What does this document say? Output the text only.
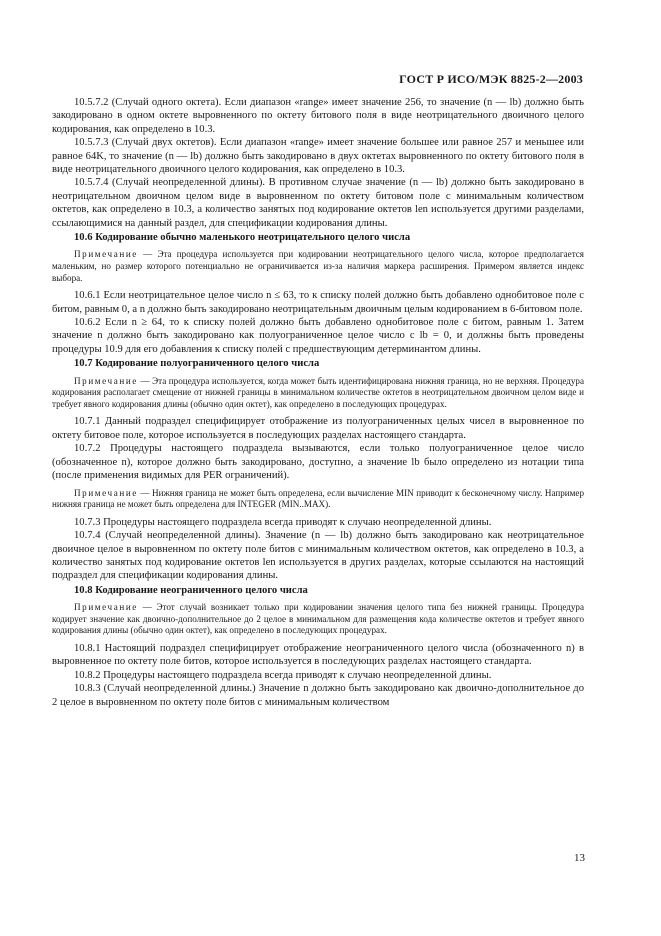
ГОСТ Р ИСО/МЭК 8825-2—2003

10.5.7.2 (Случай одного октета). Если диапазон «range» имеет значение 256, то значение (n — lb) должно быть закодировано в одном октете выровненного по октету битового поля в виде неотрицательного двоичного целого кодирования, как определено в 10.3.

10.5.7.3 (Случай двух октетов). Если диапазон «range» имеет значение большее или равное 257 и меньшее или равное 64K, то значение (n — lb) должно быть закодировано в двух октетах выровненного по октету битового поля в виде неотрицательного двоичного целого кодирования, как определено в 10.3.

10.5.7.4 (Случай неопределенной длины). В противном случае значение (n — lb) должно быть закодировано в неотрицательном двоичном целом виде в выровненном по октету битовом поле с минимальным количеством октетов, как определено в 10.3, а количество занятых под кодирование октетов len используется другими разделами, ссылающимися на данный раздел, для спецификации кодирования длины.

10.6 Кодирование обычно маленького неотрицательного целого числа

Примечание — Эта процедура используется при кодировании неотрицательного целого числа, которое предполагается маленьким, но размер которого потенциально не ограничивается из-за наличия маркера расширения. Примером является индекс выбора.

10.6.1 Если неотрицательное целое число n ≤ 63, то к списку полей должно быть добавлено однобитовое поле с битом, равным 0, а n должно быть закодировано неотрицательным двоичным целым кодированием в 6-битовом поле.

10.6.2 Если n ≥ 64, то к списку полей должно быть добавлено однобитовое поле с битом, равным 1. Затем значение n должно быть закодировано как полуограниченное целое число с lb = 0, и должны быть проведены процедуры 10.9 для его добавления к списку полей с предшествующим детерминантом длины.

10.7 Кодирование полуограниченного целого числа

Примечание — Эта процедура используется, когда может быть идентифицирована нижняя граница, но не верхняя. Процедура кодирования располагает смещение от нижней границы в минимальном количестве октетов в неотрицательном двоичном целом виде и требует явного кодирования длины (обычно один октет), как определено в последующих процедурах.

10.7.1 Данный подраздел специфицирует отображение из полуограниченных целых чисел в выровненное по октету битовое поле, которое используется в последующих разделах настоящего стандарта.

10.7.2 Процедуры настоящего подраздела вызываются, если только полуограниченное целое число (обозначенное n), которое должно быть закодировано, доступно, а значение lb было определено из нотации типа (после применения видимых для PER ограничений).

Примечание — Нижняя граница не может быть определена, если вычисление MIN приводит к бесконечному числу. Например нижняя граница не может быть определена для INTEGER (MIN..MAX).

10.7.3 Процедуры настоящего подраздела всегда приводят к случаю неопределенной длины.

10.7.4 (Случай неопределенной длины). Значение (n — lb) должно быть закодировано как неотрицательное двоичное целое в выровненном по октету поле битов с минимальным количеством октетов, как определено в 10.3, а количество занятых под кодирование октетов len используется в других разделах, которые ссылаются на настоящий подраздел для спецификации кодирования длины.

10.8 Кодирование неограниченного целого числа

Примечание — Этот случай возникает только при кодировании значения целого типа без нижней границы. Процедура кодирует значение как двоично-дополнительное до 2 целое в минимальном для размещения кода количестве октетов и требует явного кодирования длины (обычно один октет), как определено в последующих процедурах.

10.8.1 Настоящий подраздел специфицирует отображение неограниченного целого числа (обозначенного n) в выровненное по октету поле битов, которое используется в последующих разделах настоящего стандарта.

10.8.2 Процедуры настоящего подраздела всегда приводят к случаю неопределенной длины.

10.8.3 (Случай неопределенной длины.) Значение n должно быть закодировано как двоично-дополнительное до 2 целое в выровненном по октету поле битов с минимальным количеством

13
